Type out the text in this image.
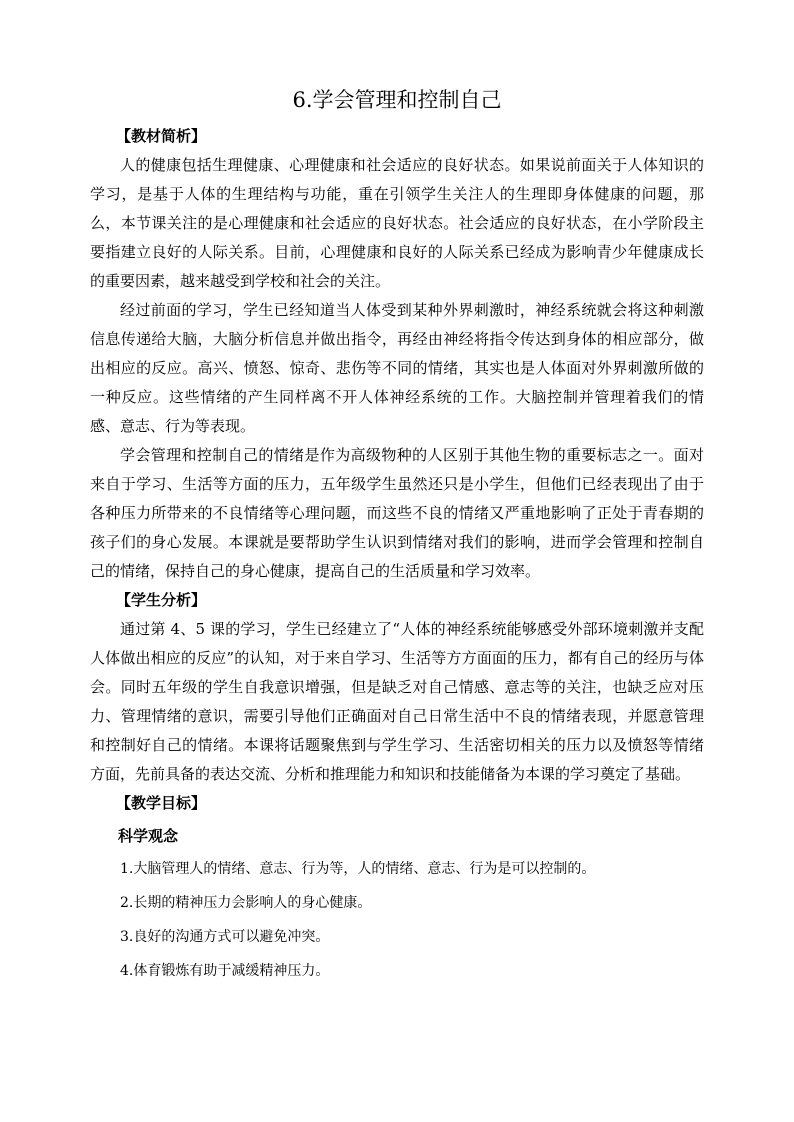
6.学会管理和控制自己

【教材简析】

人的健康包括生理健康、心理健康和社会适应的良好状态。如果说前面关于人体知识的学习，是基于人体的生理结构与功能，重在引领学生关注人的生理即身体健康的问题，那么，本节课关注的是心理健康和社会适应的良好状态。社会适应的良好状态，在小学阶段主要指建立良好的人际关系。目前，心理健康和良好的人际关系已经成为影响青少年健康成长的重要因素，越来越受到学校和社会的关注。

经过前面的学习，学生已经知道当人体受到某种外界刺激时，神经系统就会将这种刺激信息传递给大脑，大脑分析信息并做出指令，再经由神经将指令传达到身体的相应部分，做出相应的反应。高兴、愤怒、惊奇、悲伤等不同的情绪，其实也是人体面对外界刺激所做的一种反应。这些情绪的产生同样离不开人体神经系统的工作。大脑控制并管理着我们的情感、意志、行为等表现。

学会管理和控制自己的情绪是作为高级物种的人区别于其他生物的重要标志之一。面对来自于学习、生活等方面的压力，五年级学生虽然还只是小学生，但他们已经表现出了由于各种压力所带来的不良情绪等心理问题，而这些不良的情绪又严重地影响了正处于青春期的孩子们的身心发展。本课就是要帮助学生认识到情绪对我们的影响，进而学会管理和控制自己的情绪，保持自己的身心健康，提高自己的生活质量和学习效率。

【学生分析】

通过第 4、5 课的学习，学生已经建立了“人体的神经系统能够感受外部环境刺激并支配人体做出相应的反应”的认知，对于来自学习、生活等方方面面的压力，都有自己的经历与体会。同时五年级的学生自我意识增强，但是缺乏对自己情感、意志等的关注，也缺乏应对压力、管理情绪的意识，需要引导他们正确面对自己日常生活中不良的情绪表现，并愿意管理和控制好自己的情绪。本课将话题聚焦到与学生学习、生活密切相关的压力以及愤怒等情绪方面，先前具备的表达交流、分析和推理能力和知识和技能储备为本课的学习奠定了基础。

【教学目标】

科学观念

1.大脑管理人的情绪、意志、行为等，人的情绪、意志、行为是可以控制的。
2.长期的精神压力会影响人的身心健康。
3.良好的沟通方式可以避免冲突。
4.体育锻炼有助于减缓精神压力。
